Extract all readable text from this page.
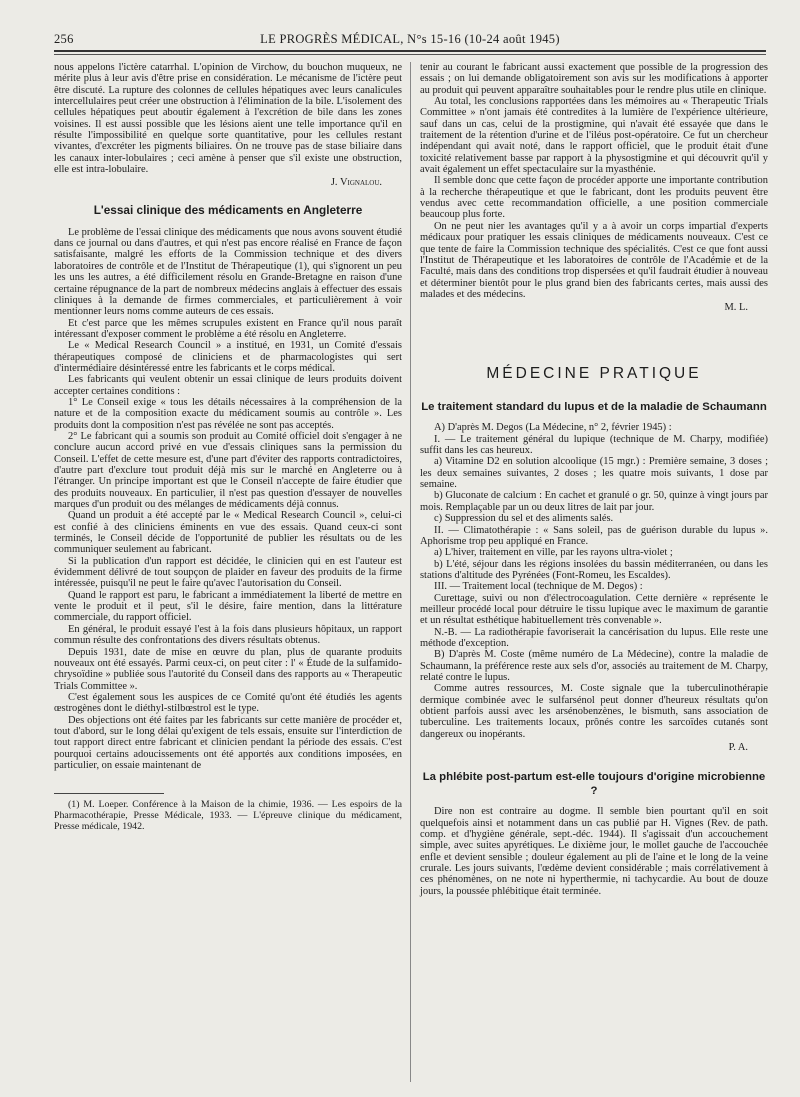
256	LE PROGRÈS MÉDICAL, N°s 15-16 (10-24 août 1945)

nous appelons l'ictère catarrhal. L'opinion de Virchow, du bouchon muqueux, ne mérite plus à leur avis d'être prise en considération. Le mécanisme de l'ictère peut être discuté. La rupture des colonnes de cellules hépatiques avec leurs canalicules intercellulaires peut créer une obstruction à l'élimination de la bile. L'isolement des cellules hépatiques peut aboutir également à l'excrétion de bile dans les zones voisines. Il est aussi possible que les lésions aient une telle importance qu'il en résulte l'impossibilité en quelque sorte quantitative, pour les cellules restant vivantes, d'excréter les pigments biliaires. On ne trouve pas de stase biliaire dans les canaux inter-lobulaires ; ceci amène à penser que s'il existe une obstruction, elle est intra-lobulaire.

J. Vignalou.
L'essai clinique des médicaments en Angleterre

Le problème de l'essai clinique des médicaments que nous avons souvent étudié dans ce journal ou dans d'autres, et qui n'est pas encore réalisé en France de façon satisfaisante, malgré les efforts de la Commission technique et des divers laboratoires de contrôle et de l'Institut de Thérapeutique (1), qui s'ignorent un peu les uns les autres, a été difficilement résolu en Grande-Bretagne en raison d'une certaine répugnance de la part de nombreux médecins anglais à effectuer des essais cliniques à la demande de firmes commerciales, et particulièrement à voir mentionner leurs noms comme auteurs de ces essais.

Et c'est parce que les mêmes scrupules existent en France qu'il nous paraît intéressant d'exposer comment le problème a été résolu en Angleterre.

Le « Medical Research Council » a institué, en 1931, un Comité d'essais thérapeutiques composé de cliniciens et de pharmacologistes qui sert d'intermédiaire désintéressé entre les fabricants et le corps médical.

Les fabricants qui veulent obtenir un essai clinique de leurs produits doivent accepter certaines conditions :

1° Le Conseil exige « tous les détails nécessaires à la compréhension de la nature et de la composition exacte du médicament soumis au contrôle ». Les produits dont la composition n'est pas révélée ne sont pas acceptés.

2° Le fabricant qui a soumis son produit au Comité officiel doit s'engager à ne conclure aucun accord privé en vue d'essais cliniques sans la permission du Conseil. L'effet de cette mesure est, d'une part d'éviter des rapports contradictoires, d'autre part d'exclure tout produit déjà mis sur le marché en Angleterre ou à l'étranger. Un principe important est que le Conseil n'accepte de faire étudier que des produits nouveaux. En particulier, il n'est pas question d'essayer de nouvelles marques d'un produit ou des mélanges de médicaments déjà connus.

Quand un produit a été accepté par le « Medical Research Council », celui-ci est confié à des cliniciens éminents en vue des essais. Quand ceux-ci sont terminés, le Conseil décide de l'opportunité de publier les résultats ou de les communiquer seulement au fabricant.

Si la publication d'un rapport est décidée, le clinicien qui en est l'auteur est évidemment délivré de tout soupçon de plaider en faveur des produits de la firme intéressée, puisqu'il ne peut le faire qu'avec l'autorisation du Conseil.

Quand le rapport est paru, le fabricant a immédiatement la liberté de mettre en vente le produit et il peut, s'il le désire, faire mention, dans la littérature commerciale, du rapport officiel.

En général, le produit essayé l'est à la fois dans plusieurs hôpitaux, un rapport commun résulte des confrontations des divers résultats obtenus.

Depuis 1931, date de mise en œuvre du plan, plus de quarante produits nouveaux ont été essayés. Parmi ceux-ci, on peut citer : l' « Étude de la sulfamido-chrysoïdine » publiée sous l'autorité du Conseil dans des rapports au « Therapeutic Trials Committee ».

C'est également sous les auspices de ce Comité qu'ont été étudiés les agents œstrogènes dont le diéthyl-stilbœstrol est le type.

Des objections ont été faites par les fabricants sur cette manière de procéder et, tout d'abord, sur le long délai qu'exigent de tels essais, ensuite sur l'interdiction de tout rapport direct entre fabricant et clinicien pendant la période des essais. C'est pourquoi certains adoucissements ont été apportés aux conditions imposées, en particulier, on essaie maintenant de

(1) M. Loeper. Conférence à la Maison de la chimie, 1936. — Les espoirs de la Pharmacothérapie, Presse Médicale, 1933. — L'épreuve clinique du médicament, Presse médicale, 1942.

tenir au courant le fabricant aussi exactement que possible de la progression des essais ; on lui demande obligatoirement son avis sur les modifications à apporter au produit qui peuvent apparaître souhaitables pour le rendre plus utile en clinique.

Au total, les conclusions rapportées dans les mémoires au « Therapeutic Trials Committee » n'ont jamais été contredites à la lumière de l'expérience ultérieure, sauf dans un cas, celui de la prostigmine, qui n'avait été essayée que dans le traitement de la rétention d'urine et de l'iléus post-opératoire. Ce fut un chercheur indépendant qui avait noté, dans le rapport officiel, que le produit était d'une toxicité relativement basse par rapport à la physostigmine et qui découvrit qu'il y avait également un effet spectaculaire sur la myasthénie.

Il semble donc que cette façon de procéder apporte une importante contribution à la recherche thérapeutique et que le fabricant, dont les produits peuvent être vendus avec cette recommandation officielle, a une position commerciale beaucoup plus forte.

On ne peut nier les avantages qu'il y a à avoir un corps impartial d'experts médicaux pour pratiquer les essais cliniques de médicaments nouveaux. C'est ce que tente de faire la Commission technique des spécialités. C'est ce que font aussi l'Institut de Thérapeutique et les laboratoires de contrôle de l'Académie et de la Faculté, mais dans des conditions trop dispersées et qu'il faudrait étudier à nouveau et déterminer bientôt pour le plus grand bien des fabricants certes, mais aussi des malades et des médecins.

M. L.
MÉDECINE PRATIQUE
Le traitement standard du lupus et de la maladie de Schaumann

A) D'après M. Degos (La Médecine, n° 2, février 1945) :

I. — Le traitement général du lupique (technique de M. Charpy, modifiée) suffit dans les cas heureux.

a) Vitamine D2 en solution alcoolique (15 mgr.) : Première semaine, 3 doses ; les deux semaines suivantes, 2 doses ; les quatre mois suivants, 1 dose par semaine.

b) Gluconate de calcium : En cachet et granulé o gr. 50, quinze à vingt jours par mois. Remplaçable par un ou deux litres de lait par jour.

c) Suppression du sel et des aliments salés.

II. — Climatothérapie : « Sans soleil, pas de guérison durable du lupus ». Aphorisme trop peu appliqué en France.

a) L'hiver, traitement en ville, par les rayons ultra-violet ;

b) L'été, séjour dans les régions insolées du bassin méditerranéen, ou dans les stations d'altitude des Pyrénées (Font-Romeu, les Escaldes).

III. — Traitement local (technique de M. Degos) :

Curettage, suivi ou non d'électrocoagulation. Cette dernière « représente le meilleur procédé local pour détruire le tissu lupique avec le maximum de garantie et un résultat esthétique habituellement très convenable ».

N.-B. — La radiothérapie favoriserait la cancérisation du lupus. Elle reste une méthode d'exception.

B) D'après M. Coste (même numéro de La Médecine), contre la maladie de Schaumann, la préférence reste aux sels d'or, associés au traitement de M. Charpy, relaté contre le lupus.

Comme autres ressources, M. Coste signale que la tuberculinothérapie dermique combinée avec le sulfarsénol peut donner d'heureux résultats qu'on obtient parfois aussi avec les arsénobenzènes, le bismuth, sans association de tuberculine. Les traitements locaux, prônés contre les sarcoïdes cutanés sont dangereux ou inopérants.

P. A.
La phlébite post-partum est-elle toujours d'origine microbienne ?

Dire non est contraire au dogme. Il semble bien pourtant qu'il en soit quelquefois ainsi et notamment dans un cas publié par H. Vignes (Rev. de path. comp. et d'hygiène générale, sept.-déc. 1944). Il s'agissait d'un accouchement simple, avec suites apyrétiques. Le dixième jour, le mollet gauche de l'accouchée enfle et devient sensible ; douleur également au pli de l'aine et le long de la veine crurale. Les jours suivants, l'œdème devient considérable ; mais corrélativement à ces phénomènes, on ne note ni hyperthermie, ni tachycardie. Au bout de douze jours, la poussée phlébitique était terminée.
